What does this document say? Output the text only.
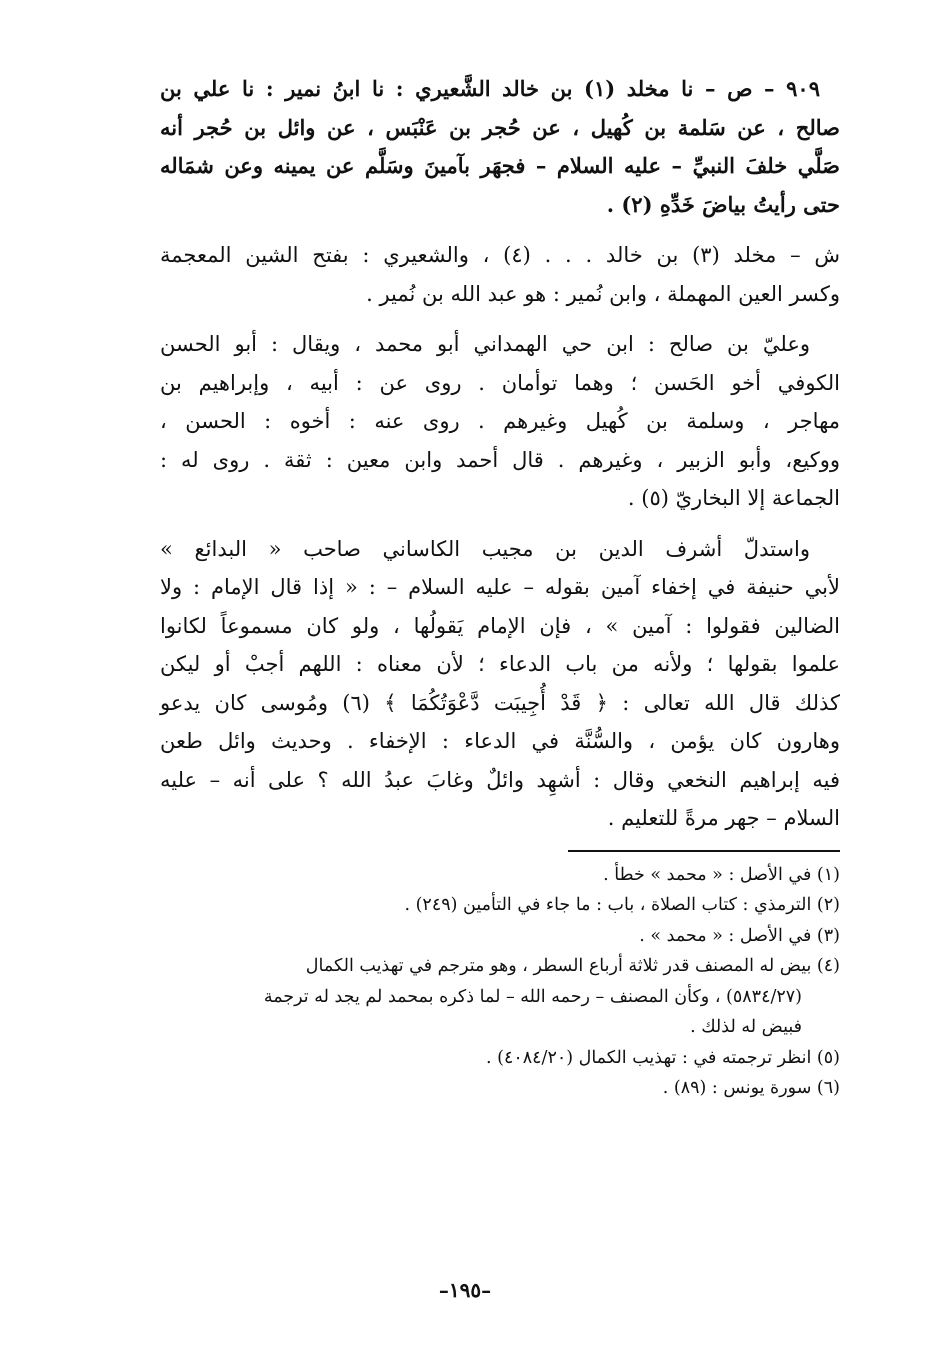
٩٠٩ – ص – نا مخلد (١) بن خالد الشَّعيري : نا ابنُ نمير : نا علي بن
صالح ، عن سَلمة بن كُهيل ، عن حُجر بن عَنْبَس ، عن وائل بن حُجر أنه
صَلَّي خلفَ النبيِّ – عليه السلام – فجهَر بآمينَ وسَلَّم عن يمينه وعن شمَاله
حتى رأيتُ بياضَ خَدِّهِ (٢) .
ش – مخلد (٣) بن خالد . . . (٤) ، والشعيري : بفتح الشين المعجمة
وكسر العين المهملة ، وابن نُمير : هو عبد الله بن نُمير .
وعليّ بن صالح : ابن حي الهمداني أبو محمد ، ويقال : أبو الحسن
الكوفي أخو الحَسن ؛ وهما توأمان . روى عن : أبيه ، وإبراهيم بن
مهاجر ، وسلمة بن كُهيل وغيرهم . روى عنه : أخوه : الحسن ،
ووكيع، وأبو الزبير ، وغيرهم . قال أحمد وابن معين : ثقة . روى له :
الجماعة إلا البخاريّ (٥) .
واستدلّ أشرف الدين بن مجيب الكاساني صاحب « البدائع »
لأبي حنيفة في إخفاء آمين بقوله – عليه السلام – : « إذا قال الإمام : ولا
الضالين فقولوا : آمين » ، فإن الإمام يَقولُها ، ولو كان مسموعاً لكانوا
علموا بقولها ؛ ولأنه من باب الدعاء ؛ لأن معناه : اللهم أجبْ أو ليكن
كذلك قال الله تعالى : ﴿ قَدْ أُجِيبَت دَّعْوَتُكُمَا ﴾ (٦) ومُوسى كان يدعو
وهارون كان يؤمن ، والسُّنَّة في الدعاء : الإخفاء . وحديث وائل طعن
فيه إبراهيم النخعي وقال : أشهِد وائلٌ وغابَ عبدُ الله ؟ على أنه – عليه
السلام – جهر مرةً للتعليم .
(١) في الأصل : « محمد » خطأ .
(٢) الترمذي : كتاب الصلاة ، باب : ما جاء في التأمين (٢٤٩) .
(٣) في الأصل : « محمد » .
(٤) بيض له المصنف قدر ثلاثة أرباع السطر ، وهو مترجم في تهذيب الكمال
(٥٨٣٤/٢٧) ، وكأن المصنف – رحمه الله – لما ذكره بمحمد لم يجد له ترجمة
فبيض له لذلك .
(٥) انظر ترجمته في : تهذيب الكمال (٤٠٨٤/٢٠) .
(٦) سورة يونس : (٨٩) .
–١٩٥–
